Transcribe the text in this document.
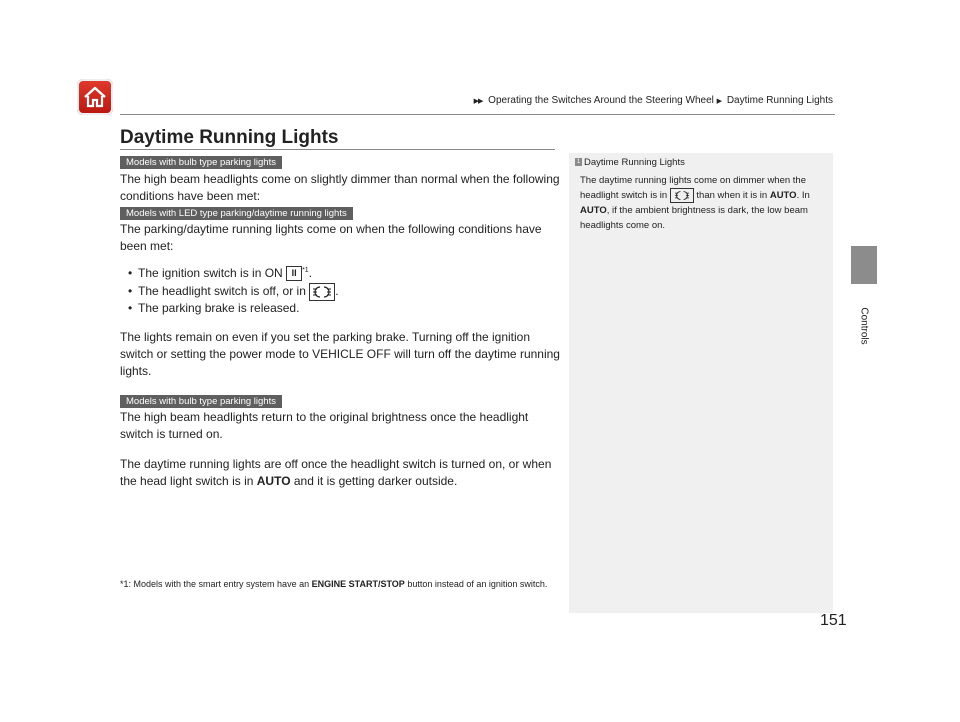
▶▶ Operating the Switches Around the Steering Wheel ▶ Daytime Running Lights
Controls
Daytime Running Lights
Models with bulb type parking lights

The high beam headlights come on slightly dimmer than normal when the following conditions have been met:

Models with LED type parking/daytime running lights

The parking/daytime running lights come on when the following conditions have been met:

• The ignition switch is in ON II $^{*1}$.
• The headlight switch is off, or in .
• The parking brake is released.

The lights remain on even if you set the parking brake. Turning off the ignition switch or setting the power mode to VEHICLE OFF will turn off the daytime running lights.

Models with bulb type parking lights

The high beam headlights return to the original brightness once the headlight switch is turned on.

The daytime running lights are off once the headlight switch is turned on, or when the head light switch is in AUTO and it is getting darker outside.

*1: Models with the smart entry system have an ENGINE START/STOP button instead of an ignition switch.

1 Daytime Running Lights

The daytime running lights come on dimmer when the headlight switch is in	than when it is in AUTO. In AUTO, if the ambient brightness is dark, the low beam headlights come on.

151
